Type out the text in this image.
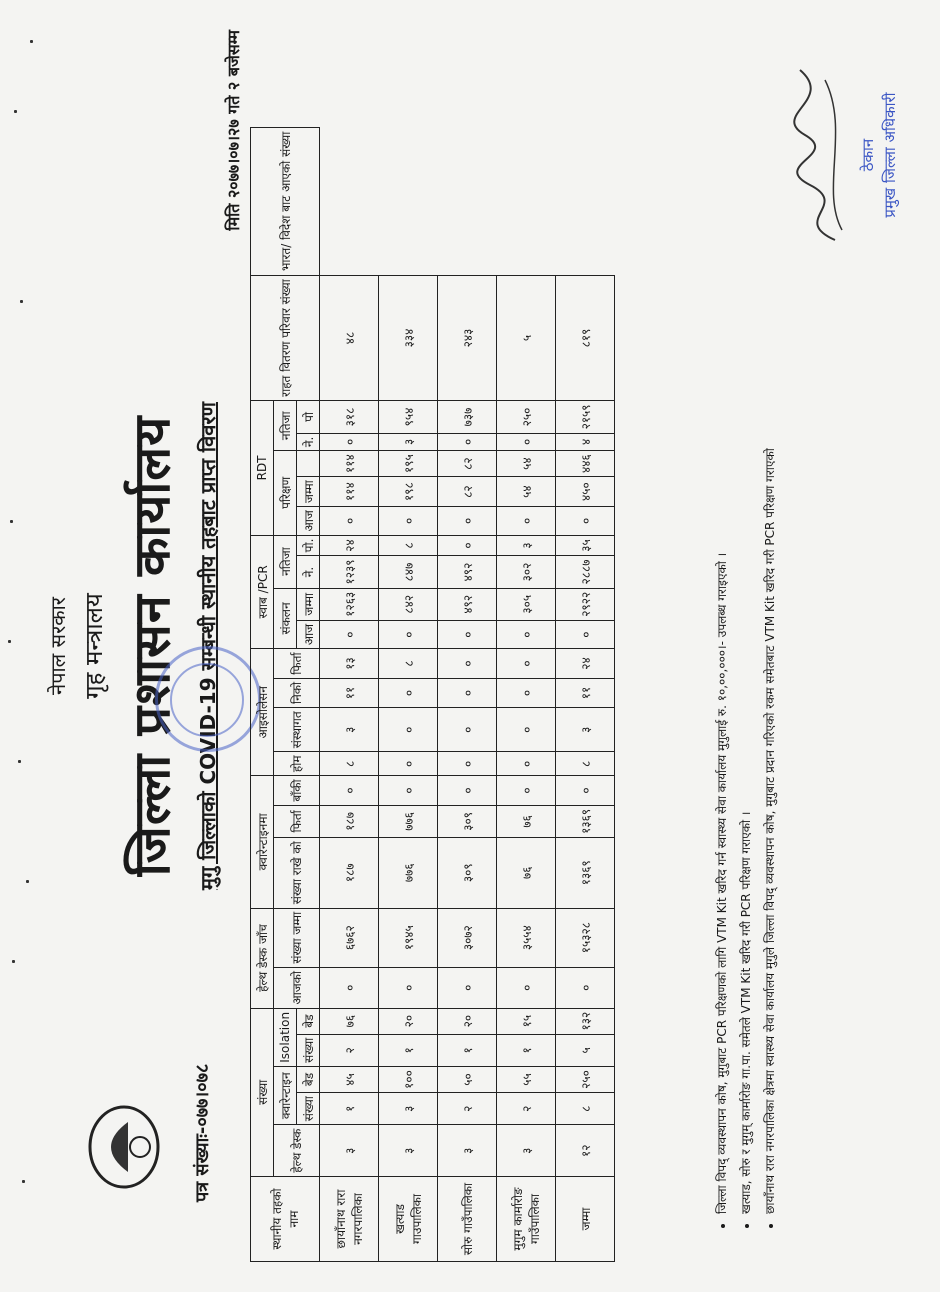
नेपाल सरकार गृह मन्त्रालय जिल्ला प्रशासन कार्यालय मुगु जिल्लाको COVID-19 सम्बन्धी स्थानीय तहबाट प्राप्त विवरण
पत्र संख्याः-०७७।०७८
मिति २०७७।०७।२७ गते २ बजेसम्म
स्थानीय तहको नाम	संख्या					हेल्थ डेस्क जाँच		क्वारेन्टाइनमा			आइसोलेसन				स्वाब /PCR				RDT					राहत वितरण परिवार संख्या	भारत/ विदेश बाट आएको संख्या
	हेल्थ डेस्क	क्वारेन्टाइन		Isolation		आजको	संख्या जम्मा	संख्या राखे को	फिर्ता	बाँकी	होम	संस्थागत	निको	फिर्ता	संकलन		नतिजा		परिक्षण			नतिजा			
		संख्या	बेड	संख्या	बेड										आज	जम्मा	ने.	पो.	आज	जम्मा		ने.	पो		
छायाँनाथ रारा नगरपालिका	३	१	४५	२	७६	०	६७६२	१८७	१८७	०	८	३	११	१३	०	१२६३	१२३९	२४	०	११४	११४	०	३१८	४८	
खत्याड गाउपालिका	३	३	१००	१	२०	०	१९४५	७७६	७७६	०	०	०	०	८	०	८४२	८४७	८	०	१९८	१९५	३	९५४	३३४	
सोरु गाउँपालिका	३	२	५०	१	२०	०	३०७२	३०९	३०९	०	०	०	०	०	०	४९२	४९२	०	०	८२	८२	०	७३७	२४३	
मुगुम कार्मारोङ गाउँपालिका	३	२	५५	१	१५	०	३५५४	७६	७६	०	०	०	०	०	०	३०५	३०२	३	०	५४	५४	०	२५०	५	
जम्मा	१२	८	२५०	५	१३२	०	१५३२८	१३६९	१३६९	०	८	३	११	२४	०	२९२२	२८८७	३५	०	४५०	४४६	४	२१५९	८१९	
• जिल्ला विपद् व्यवस्थापन कोष, मुगुबाट PCR परिक्षणको लागि VTM Kit खरिद गर्न स्वास्थ्य सेवा कार्यालय मुगुलाई रु. १०,००,०००।- उपलब्ध गराइएको । • खत्याड, सोरु र मुगुम् कार्मारोङ गा.पा. समेतले VTM Kit खरिद गरी PCR परिक्षण गराएको । • छायाँनाथ रारा नगरपालिका क्षेत्रमा स्वास्थ्य सेवा कार्यालय मुगुले जिल्ला विपद् व्यवस्थापन कोष, मुगुबाट प्रदान गरिएको रकम समेतबाट VTM Kit खरिद गरी PCR परिक्षण गराएको
ठेकान प्रमुख जिल्ला अधिकारी
